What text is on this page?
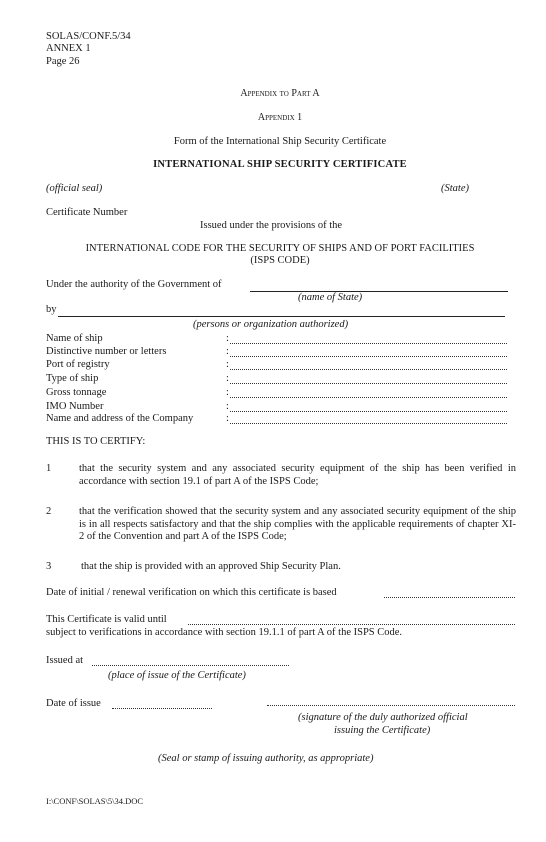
SOLAS/CONF.5/34
ANNEX 1
Page 26
Appendix to Part A
Appendix 1
Form of the International Ship Security Certificate
INTERNATIONAL SHIP SECURITY CERTIFICATE
(official seal)	(State)
Certificate Number
Issued under the provisions of the
INTERNATIONAL CODE FOR THE SECURITY OF SHIPS AND OF PORT FACILITIES
(ISPS CODE)
Under the authority of the Government of
(name of State)
by
(persons or organization authorized)
Name of ship	:
Distinctive number or letters	:
Port of registry	:
Type of ship	:
Gross tonnage	:
IMO Number	:
Name and address of the Company	:
THIS IS TO CERTIFY:
1	that the security system and any associated security equipment of the ship has been verified in accordance with section 19.1 of part A of the ISPS Code;
2	that the verification showed that the security system and any associated security equipment of the ship is in all respects satisfactory and that the ship complies with the applicable requirements of chapter XI-2 of the Convention and part A of the ISPS Code;
3	that the ship is provided with an approved Ship Security Plan.
Date of initial / renewal verification on which this certificate is based
This Certificate is valid until
subject to verifications in accordance with section 19.1.1 of part A of the ISPS Code.
Issued at
(place of issue of the Certificate)
Date of issue
(signature of the duly authorized official
issuing the Certificate)
(Seal or stamp of issuing authority, as appropriate)
I:\CONF\SOLAS\5\34.DOC
